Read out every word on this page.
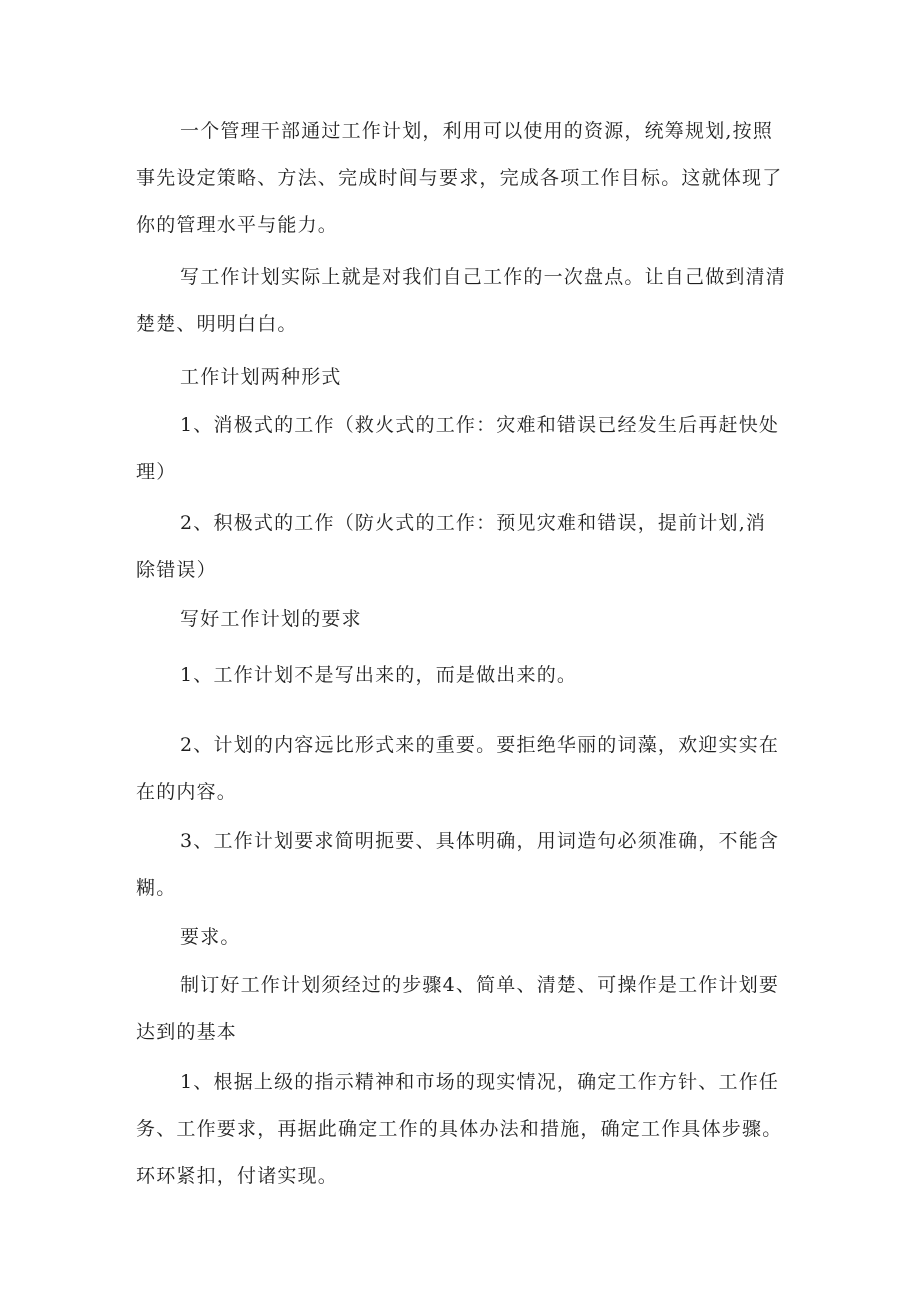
一个管理干部通过工作计划，利用可以使用的资源，统筹规划,按照事先设定策略、方法、完成时间与要求，完成各项工作目标。这就体现了你的管理水平与能力。

写工作计划实际上就是对我们自己工作的一次盘点。让自己做到清清楚楚、明明白白。

工作计划两种形式

1、消极式的工作（救火式的工作：灾难和错误已经发生后再赶快处理）

2、积极式的工作（防火式的工作：预见灾难和错误，提前计划,消除错误）

写好工作计划的要求

1、工作计划不是写出来的，而是做出来的。

2、计划的内容远比形式来的重要。要拒绝华丽的词藻，欢迎实实在在的内容。

3、工作计划要求简明扼要、具体明确，用词造句必须准确，不能含糊。

要求。

制订好工作计划须经过的步骤4、简单、清楚、可操作是工作计划要达到的基本

1、根据上级的指示精神和市场的现实情况，确定工作方针、工作任务、工作要求，再据此确定工作的具体办法和措施，确定工作具体步骤。环环紧扣，付诸实现。
